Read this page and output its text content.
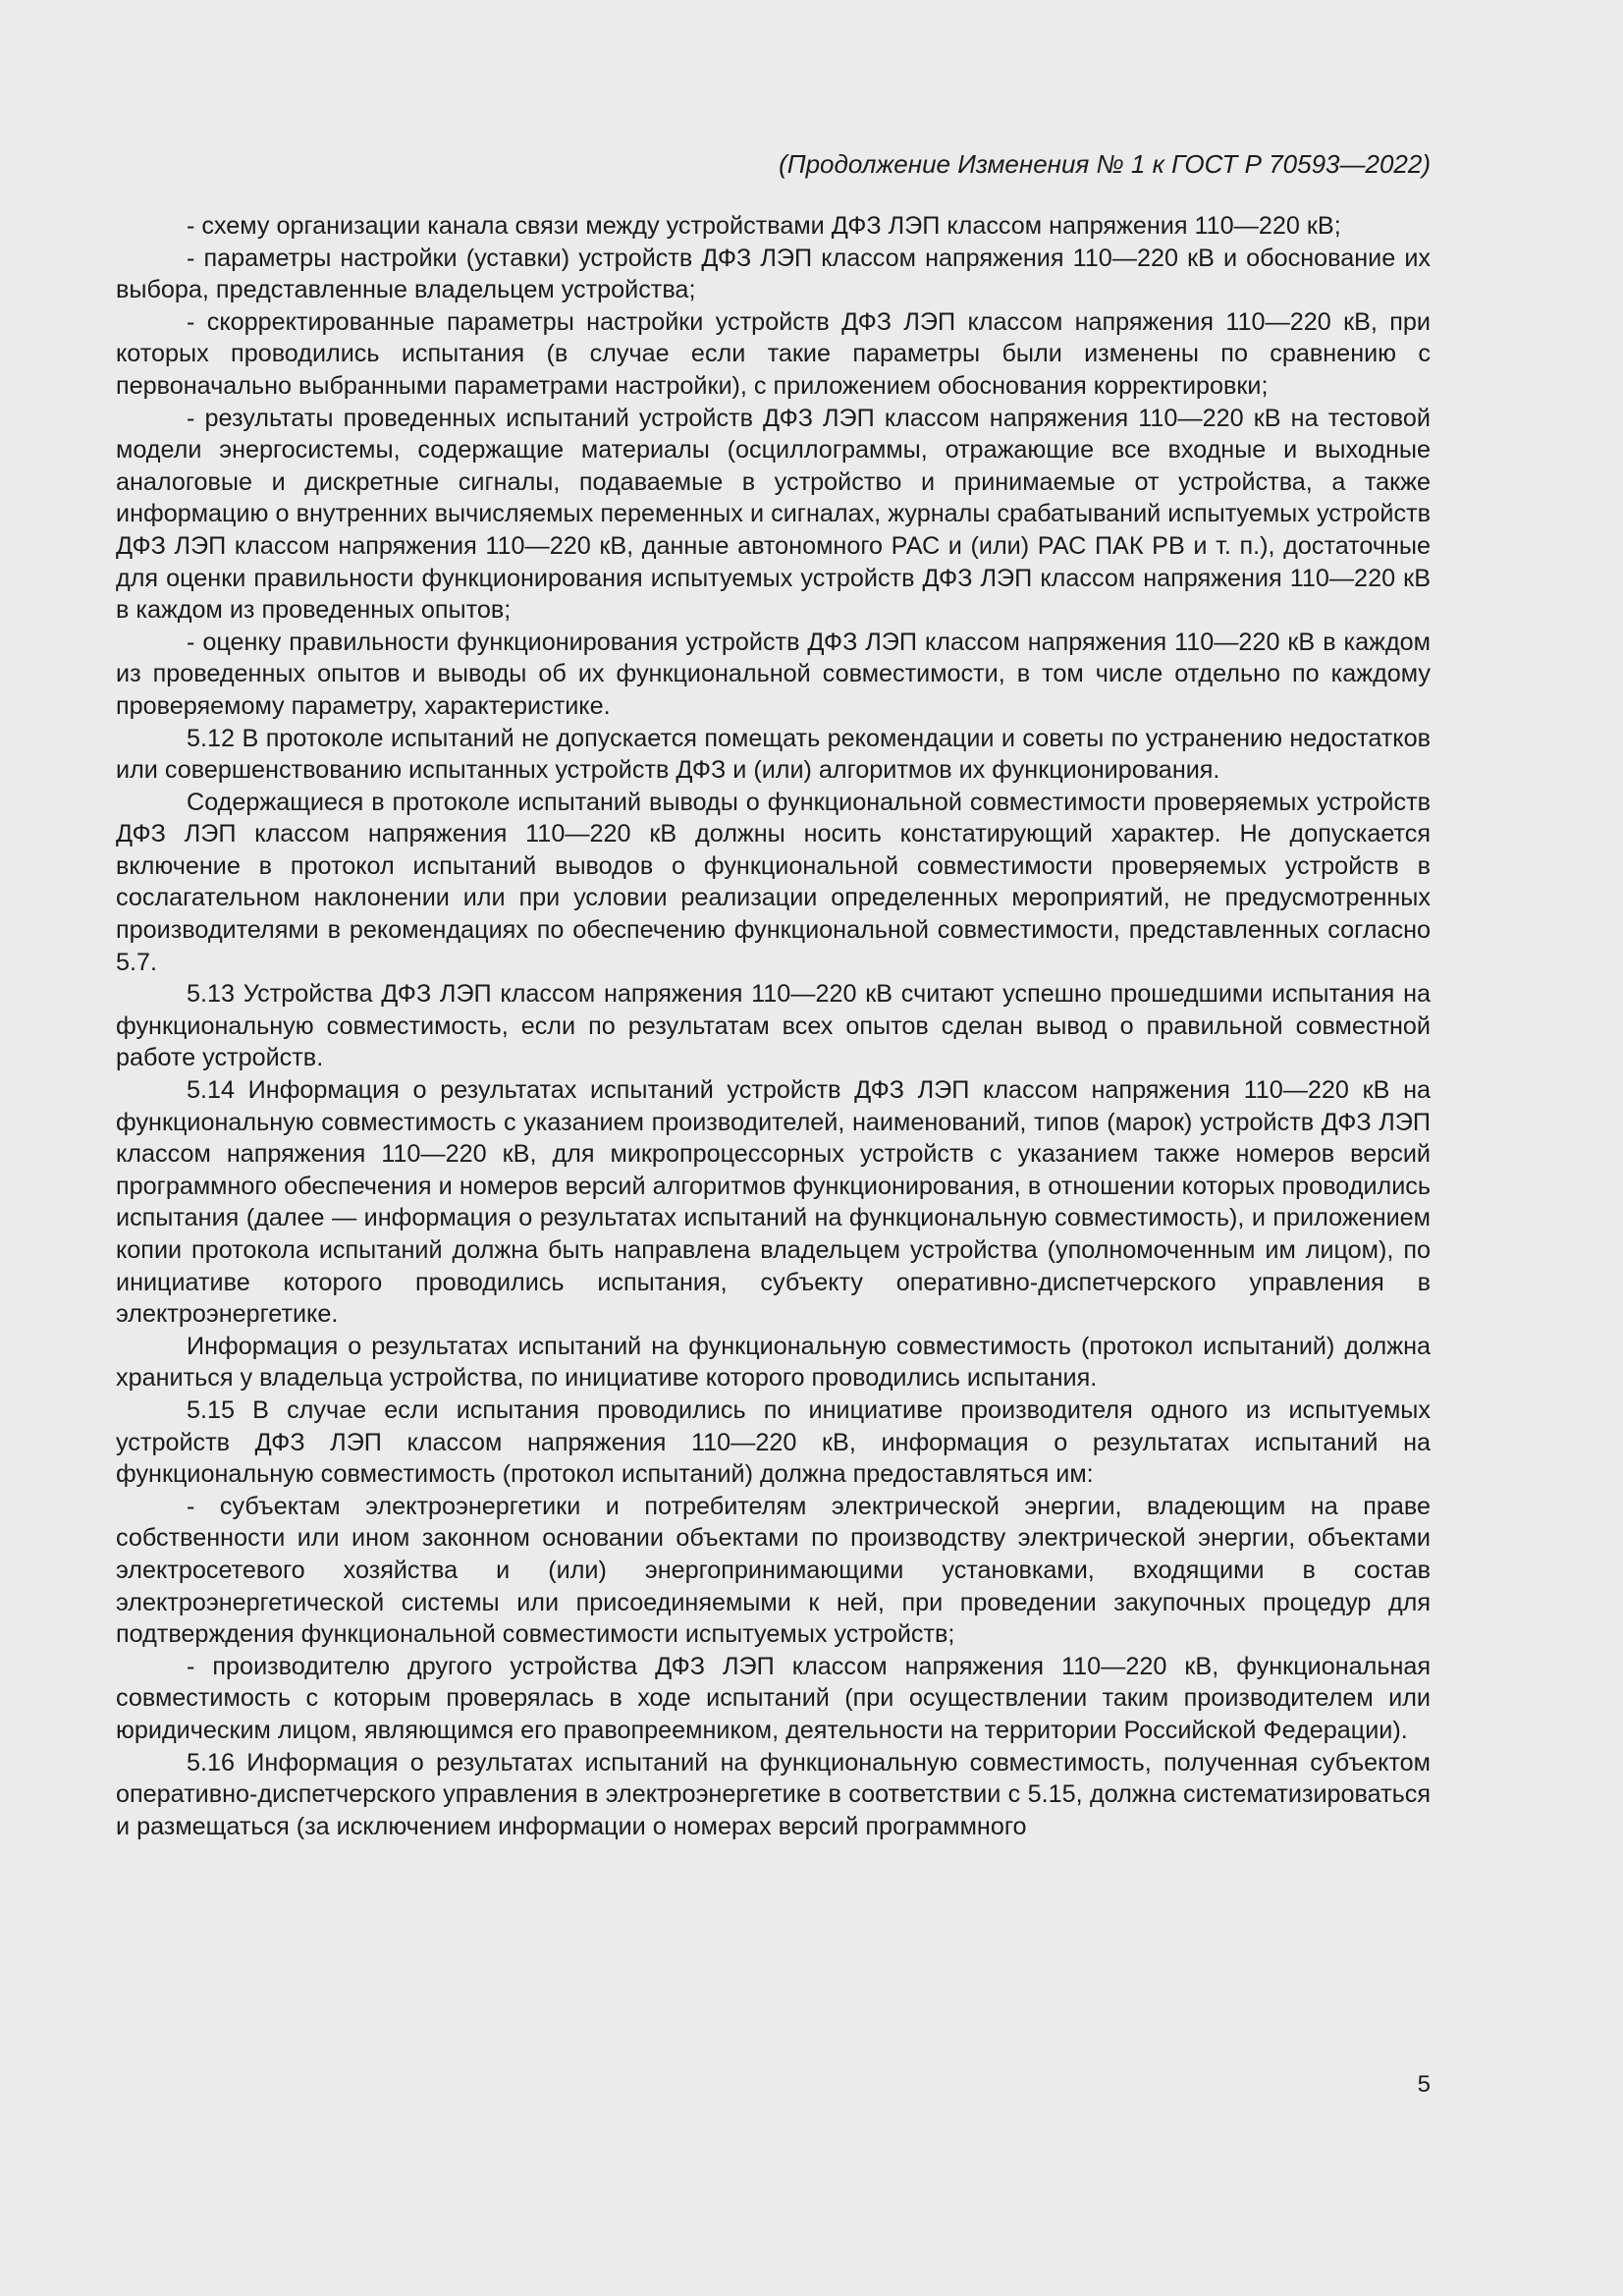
(Продолжение Изменения № 1 к ГОСТ Р 70593—2022)

- схему организации канала связи между устройствами ДФЗ ЛЭП классом напряжения 110—220 кВ;

- параметры настройки (уставки) устройств ДФЗ ЛЭП классом напряжения 110—220 кВ и обоснование их выбора, представленные владельцем устройства;

- скорректированные параметры настройки устройств ДФЗ ЛЭП классом напряжения 110—220 кВ, при которых проводились испытания (в случае если такие параметры были изменены по сравнению с первоначально выбранными параметрами настройки), с приложением обоснования корректировки;

- результаты проведенных испытаний устройств ДФЗ ЛЭП классом напряжения 110—220 кВ на тестовой модели энергосистемы, содержащие материалы (осциллограммы, отражающие все входные и выходные аналоговые и дискретные сигналы, подаваемые в устройство и принимаемые от устройства, а также информацию о внутренних вычисляемых переменных и сигналах, журналы срабатываний испытуемых устройств ДФЗ ЛЭП классом напряжения 110—220 кВ, данные автономного РАС и (или) РАС ПАК РВ и т. п.), достаточные для оценки правильности функционирования испытуемых устройств ДФЗ ЛЭП классом напряжения 110—220 кВ в каждом из проведенных опытов;

- оценку правильности функционирования устройств ДФЗ ЛЭП классом напряжения 110—220 кВ в каждом из проведенных опытов и выводы об их функциональной совместимости, в том числе отдельно по каждому проверяемому параметру, характеристике.

5.12 В протоколе испытаний не допускается помещать рекомендации и советы по устранению недостатков или совершенствованию испытанных устройств ДФЗ и (или) алгоритмов их функционирования.

Содержащиеся в протоколе испытаний выводы о функциональной совместимости проверяемых устройств ДФЗ ЛЭП классом напряжения 110—220 кВ должны носить констатирующий характер. Не допускается включение в протокол испытаний выводов о функциональной совместимости проверяемых устройств в сослагательном наклонении или при условии реализации определенных мероприятий, не предусмотренных производителями в рекомендациях по обеспечению функциональной совместимости, представленных согласно 5.7.

5.13 Устройства ДФЗ ЛЭП классом напряжения 110—220 кВ считают успешно прошедшими испытания на функциональную совместимость, если по результатам всех опытов сделан вывод о правильной совместной работе устройств.

5.14 Информация о результатах испытаний устройств ДФЗ ЛЭП классом напряжения 110—220 кВ на функциональную совместимость с указанием производителей, наименований, типов (марок) устройств ДФЗ ЛЭП классом напряжения 110—220 кВ, для микропроцессорных устройств с указанием также номеров версий программного обеспечения и номеров версий алгоритмов функционирования, в отношении которых проводились испытания (далее — информация о результатах испытаний на функциональную совместимость), и приложением копии протокола испытаний должна быть направлена владельцем устройства (уполномоченным им лицом), по инициативе которого проводились испытания, субъекту оперативно-диспетчерского управления в электроэнергетике.

Информация о результатах испытаний на функциональную совместимость (протокол испытаний) должна храниться у владельца устройства, по инициативе которого проводились испытания.

5.15 В случае если испытания проводились по инициативе производителя одного из испытуемых устройств ДФЗ ЛЭП классом напряжения 110—220 кВ, информация о результатах испытаний на функциональную совместимость (протокол испытаний) должна предоставляться им:

- субъектам электроэнергетики и потребителям электрической энергии, владеющим на праве собственности или ином законном основании объектами по производству электрической энергии, объектами электросетевого хозяйства и (или) энергопринимающими установками, входящими в состав электроэнергетической системы или присоединяемыми к ней, при проведении закупочных процедур для подтверждения функциональной совместимости испытуемых устройств;

- производителю другого устройства ДФЗ ЛЭП классом напряжения 110—220 кВ, функциональная совместимость с которым проверялась в ходе испытаний (при осуществлении таким производителем или юридическим лицом, являющимся его правопреемником, деятельности на территории Российской Федерации).

5.16 Информация о результатах испытаний на функциональную совместимость, полученная субъектом оперативно-диспетчерского управления в электроэнергетике в соответствии с 5.15, должна систематизироваться и размещаться (за исключением информации о номерах версий программного

5
